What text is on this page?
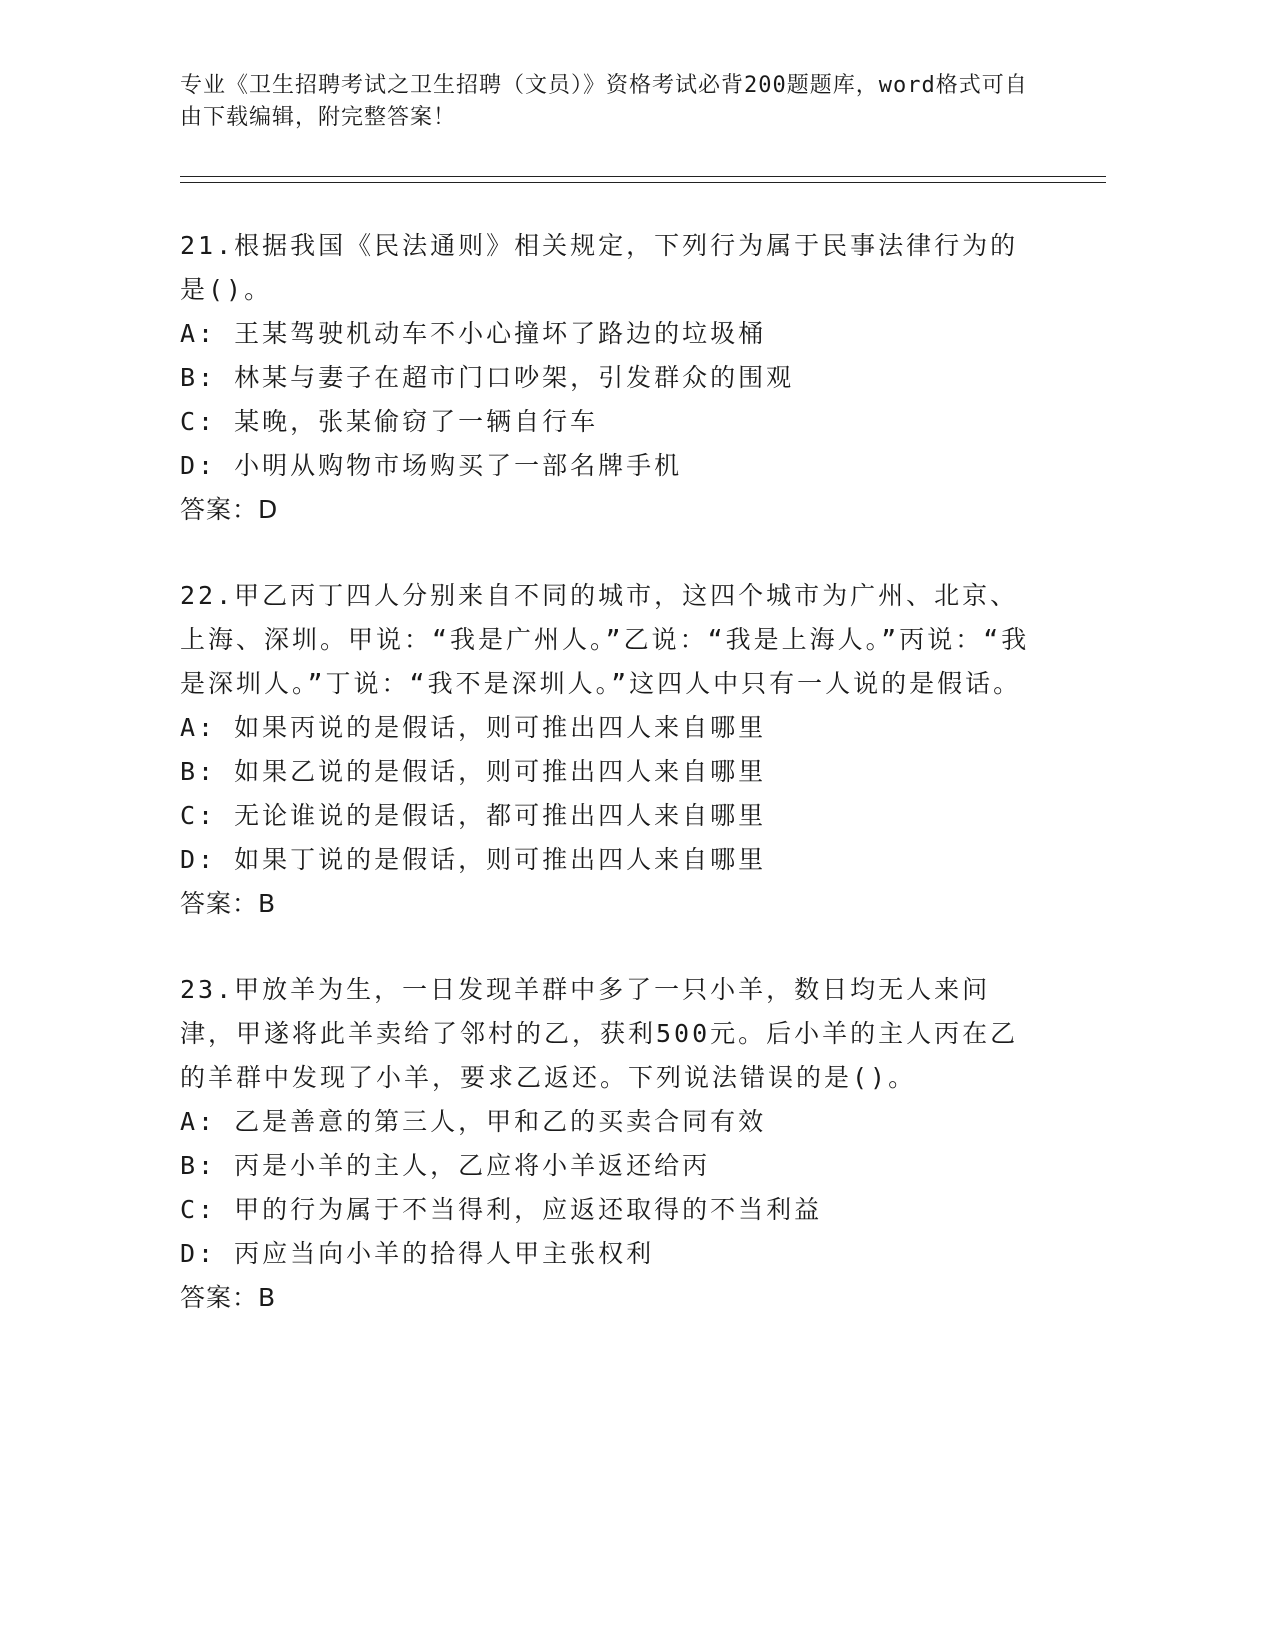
专业《卫生招聘考试之卫生招聘（文员）》资格考试必背200题题库，word格式可自由下载编辑，附完整答案！
21.根据我国《民法通则》相关规定，下列行为属于民事法律行为的是()。
A: 王某驾驶机动车不小心撞坏了路边的垃圾桶
B: 林某与妻子在超市门口吵架，引发群众的围观
C: 某晚，张某偷窃了一辆自行车
D: 小明从购物市场购买了一部名牌手机
答案：D
22.甲乙丙丁四人分别来自不同的城市，这四个城市为广州、北京、上海、深圳。甲说：“我是广州人。”乙说：“我是上海人。”丙说：“我是深圳人。”丁说：“我不是深圳人。”这四人中只有一人说的是假话。
A: 如果丙说的是假话，则可推出四人来自哪里
B: 如果乙说的是假话，则可推出四人来自哪里
C: 无论谁说的是假话，都可推出四人来自哪里
D: 如果丁说的是假话，则可推出四人来自哪里
答案：B
23.甲放羊为生，一日发现羊群中多了一只小羊，数日均无人来问津，甲遂将此羊卖给了邻村的乙，获利500元。后小羊的主人丙在乙的羊群中发现了小羊，要求乙返还。下列说法错误的是()。
A: 乙是善意的第三人，甲和乙的买卖合同有效
B: 丙是小羊的主人，乙应将小羊返还给丙
C: 甲的行为属于不当得利，应返还取得的不当利益
D: 丙应当向小羊的拾得人甲主张权利
答案：B
